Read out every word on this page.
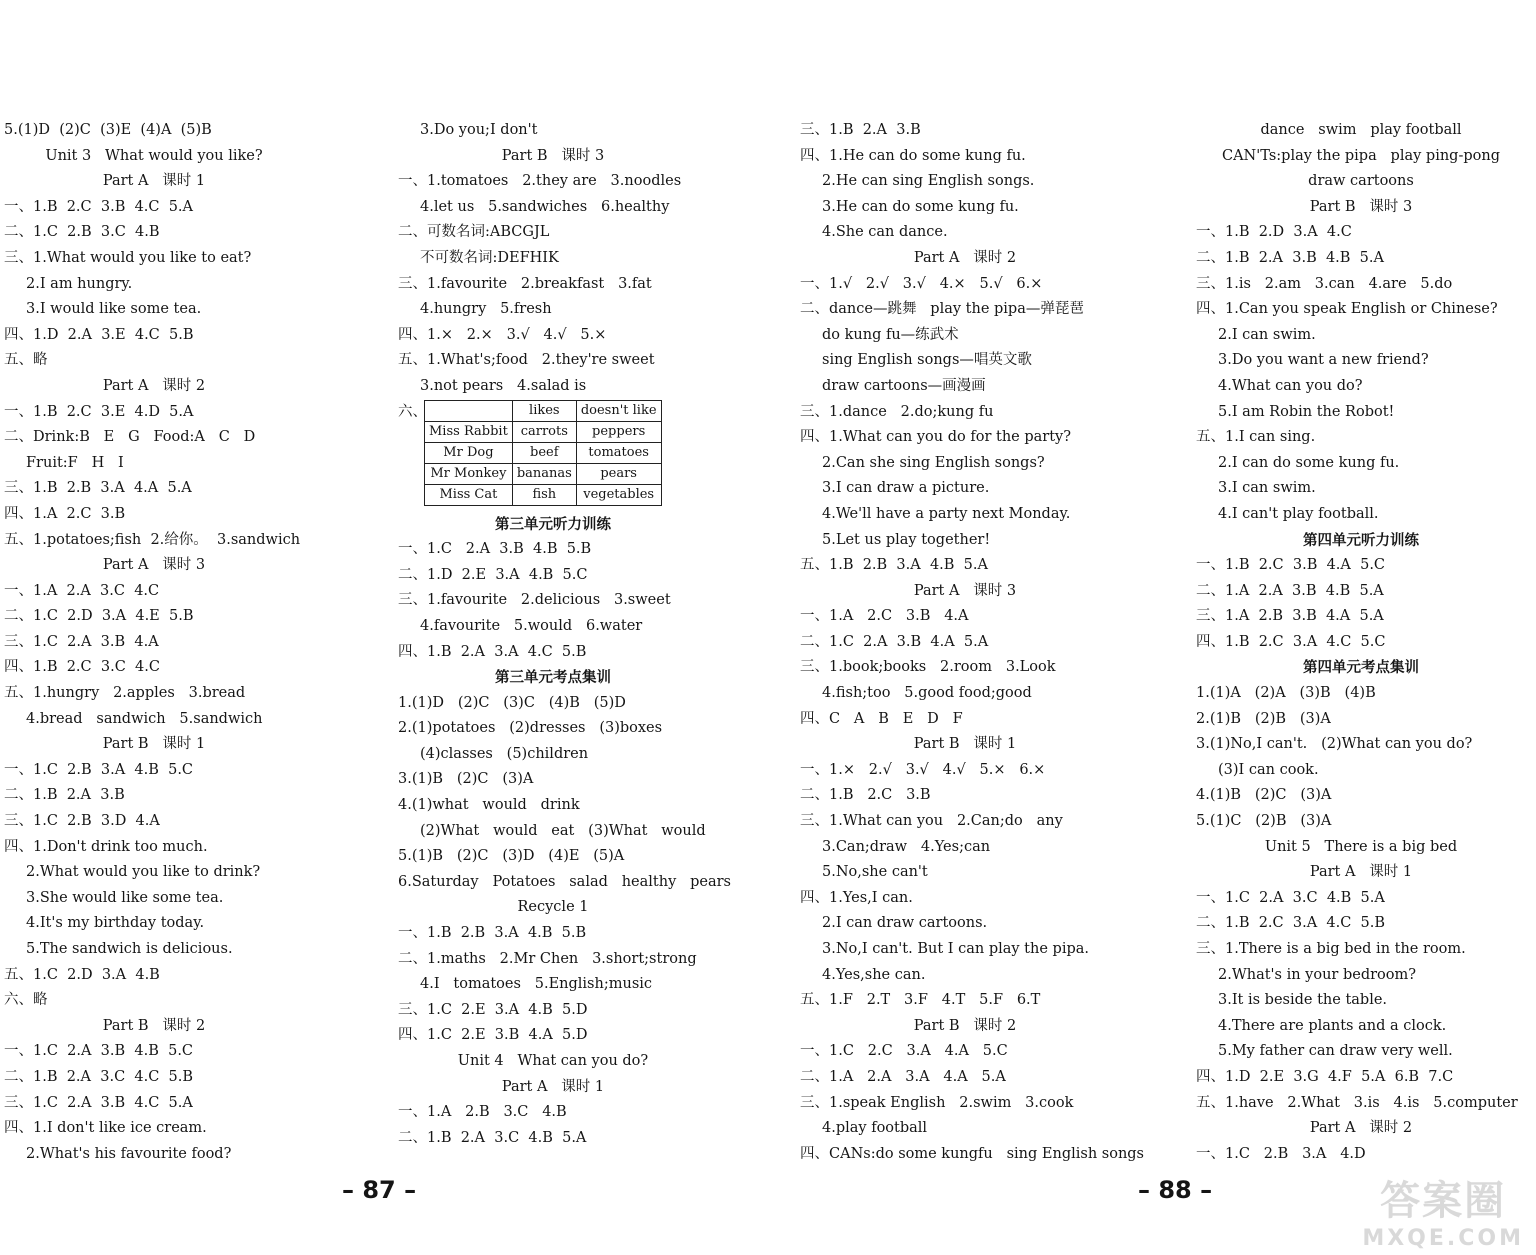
5.(1)D  (2)C  (3)E  (4)A  (5)B
Unit 3   What would you like?
Part A   课时 1
一、1.B  2.C  3.B  4.C  5.A
二、1.C  2.B  3.C  4.B
三、1.What would you like to eat?
2.I am hungry.
3.I would like some tea.
四、1.D  2.A  3.E  4.C  5.B
五、略
Part A   课时 2
一、1.B  2.C  3.E  4.D  5.A
二、Drink:B   E   G   Food:A   C   D
Fruit:F   H   I
三、1.B  2.B  3.A  4.A  5.A
四、1.A  2.C  3.B
五、1.potatoes;fish  2.给你。  3.sandwich
Part A   课时 3
一、1.A  2.A  3.C  4.C
二、1.C  2.D  3.A  4.E  5.B
三、1.C  2.A  3.B  4.A
四、1.B  2.C  3.C  4.C
五、1.hungry   2.apples   3.bread
4.bread   sandwich   5.sandwich
Part B   课时 1
一、1.C  2.B  3.A  4.B  5.C
二、1.B  2.A  3.B
三、1.C  2.B  3.D  4.A
四、1.Don't drink too much.
2.What would you like to drink?
3.She would like some tea.
4.It's my birthday today.
5.The sandwich is delicious.
五、1.C  2.D  3.A  4.B
六、略
Part B   课时 2
一、1.C  2.A  3.B  4.B  5.C
二、1.B  2.A  3.C  4.C  5.B
三、1.C  2.A  3.B  4.C  5.A
四、1.I don't like ice cream.
2.What's his favourite food?
3.Do you;I don't
Part B   课时 3
一、1.tomatoes   2.they are   3.noodles
4.let us   5.sandwiches   6.healthy
二、可数名词:ABCGJL
不可数名词:DEFHIK
三、1.favourite   2.breakfast   3.fat
4.hungry   5.fresh
四、1.×   2.×   3.√   4.√   5.×
五、1.What's;food   2.they're sweet
3.not pears   4.salad is
六、
		likes	doesn't like
Miss Rabbit	carrots	peppers
Mr Dog	beef	tomatoes
Mr Monkey	bananas	pears
Miss Cat	fish	vegetables
第三单元听力训练
一、1.C   2.A  3.B  4.B  5.B
二、1.D  2.E  3.A  4.B  5.C
三、1.favourite   2.delicious   3.sweet
4.favourite   5.would   6.water
四、1.B  2.A  3.A  4.C  5.B
第三单元考点集训
1.(1)D   (2)C   (3)C   (4)B   (5)D
2.(1)potatoes   (2)dresses   (3)boxes
(4)classes   (5)children
3.(1)B   (2)C   (3)A
4.(1)what   would   drink
(2)What   would   eat   (3)What   would
5.(1)B   (2)C   (3)D   (4)E   (5)A
6.Saturday   Potatoes   salad   healthy   pears
Recycle 1
一、1.B  2.B  3.A  4.B  5.B
二、1.maths   2.Mr Chen   3.short;strong
4.I   tomatoes   5.English;music
三、1.C  2.E  3.A  4.B  5.D
四、1.C  2.E  3.B  4.A  5.D
Unit 4   What can you do?
Part A   课时 1
一、1.A   2.B   3.C   4.B
二、1.B  2.A  3.C  4.B  5.A
三、1.B  2.A  3.B
四、1.He can do some kung fu.
2.He can sing English songs.
3.He can do some kung fu.
4.She can dance.
Part A   课时 2
一、1.√   2.√   3.√   4.×   5.√   6.×
二、dance—跳舞   play the pipa—弹琵琶
do kung fu—练武术
sing English songs—唱英文歌
draw cartoons—画漫画
三、1.dance   2.do;kung fu
四、1.What can you do for the party?
2.Can she sing English songs?
3.I can draw a picture.
4.We'll have a party next Monday.
5.Let us play together!
五、1.B  2.B  3.A  4.B  5.A
Part A   课时 3
一、1.A   2.C   3.B   4.A
二、1.C  2.A  3.B  4.A  5.A
三、1.book;books   2.room   3.Look
4.fish;too   5.good food;good
四、C   A   B   E   D   F
Part B   课时 1
一、1.×   2.√   3.√   4.√   5.×   6.×
二、1.B   2.C   3.B
三、1.What can you   2.Can;do   any
3.Can;draw   4.Yes;can
5.No,she can't
四、1.Yes,I can.
2.I can draw cartoons.
3.No,I can't. But I can play the pipa.
4.Yes,she can.
五、1.F   2.T   3.F   4.T   5.F   6.T
Part B   课时 2
一、1.C   2.C   3.A   4.A   5.C
二、1.A   2.A   3.A   4.A   5.A
三、1.speak English   2.swim   3.cook
4.play football
四、CANs:do some kungfu   sing English songs
dance   swim   play football
CAN'Ts:play the pipa   play ping-pong
draw cartoons
Part B   课时 3
一、1.B  2.D  3.A  4.C
二、1.B  2.A  3.B  4.B  5.A
三、1.is   2.am   3.can   4.are   5.do
四、1.Can you speak English or Chinese?
2.I can swim.
3.Do you want a new friend?
4.What can you do?
5.I am Robin the Robot!
五、1.I can sing.
2.I can do some kung fu.
3.I can swim.
4.I can't play football.
第四单元听力训练
一、1.B  2.C  3.B  4.A  5.C
二、1.A  2.A  3.B  4.B  5.A
三、1.A  2.B  3.B  4.A  5.A
四、1.B  2.C  3.A  4.C  5.C
第四单元考点集训
1.(1)A   (2)A   (3)B   (4)B
2.(1)B   (2)B   (3)A
3.(1)No,I can't.   (2)What can you do?
(3)I can cook.
4.(1)B   (2)C   (3)A
5.(1)C   (2)B   (3)A
Unit 5   There is a big bed
Part A   课时 1
一、1.C  2.A  3.C  4.B  5.A
二、1.B  2.C  3.A  4.C  5.B
三、1.There is a big bed in the room.
2.What's in your bedroom?
3.It is beside the table.
4.There are plants and a clock.
5.My father can draw very well.
四、1.D  2.E  3.G  4.F  5.A  6.B  7.C
五、1.have   2.What   3.is   4.is   5.computer
Part A   课时 2
一、1.C   2.B   3.A   4.D
– 87 –	– 88 –	答案圈
MXQE.COM
